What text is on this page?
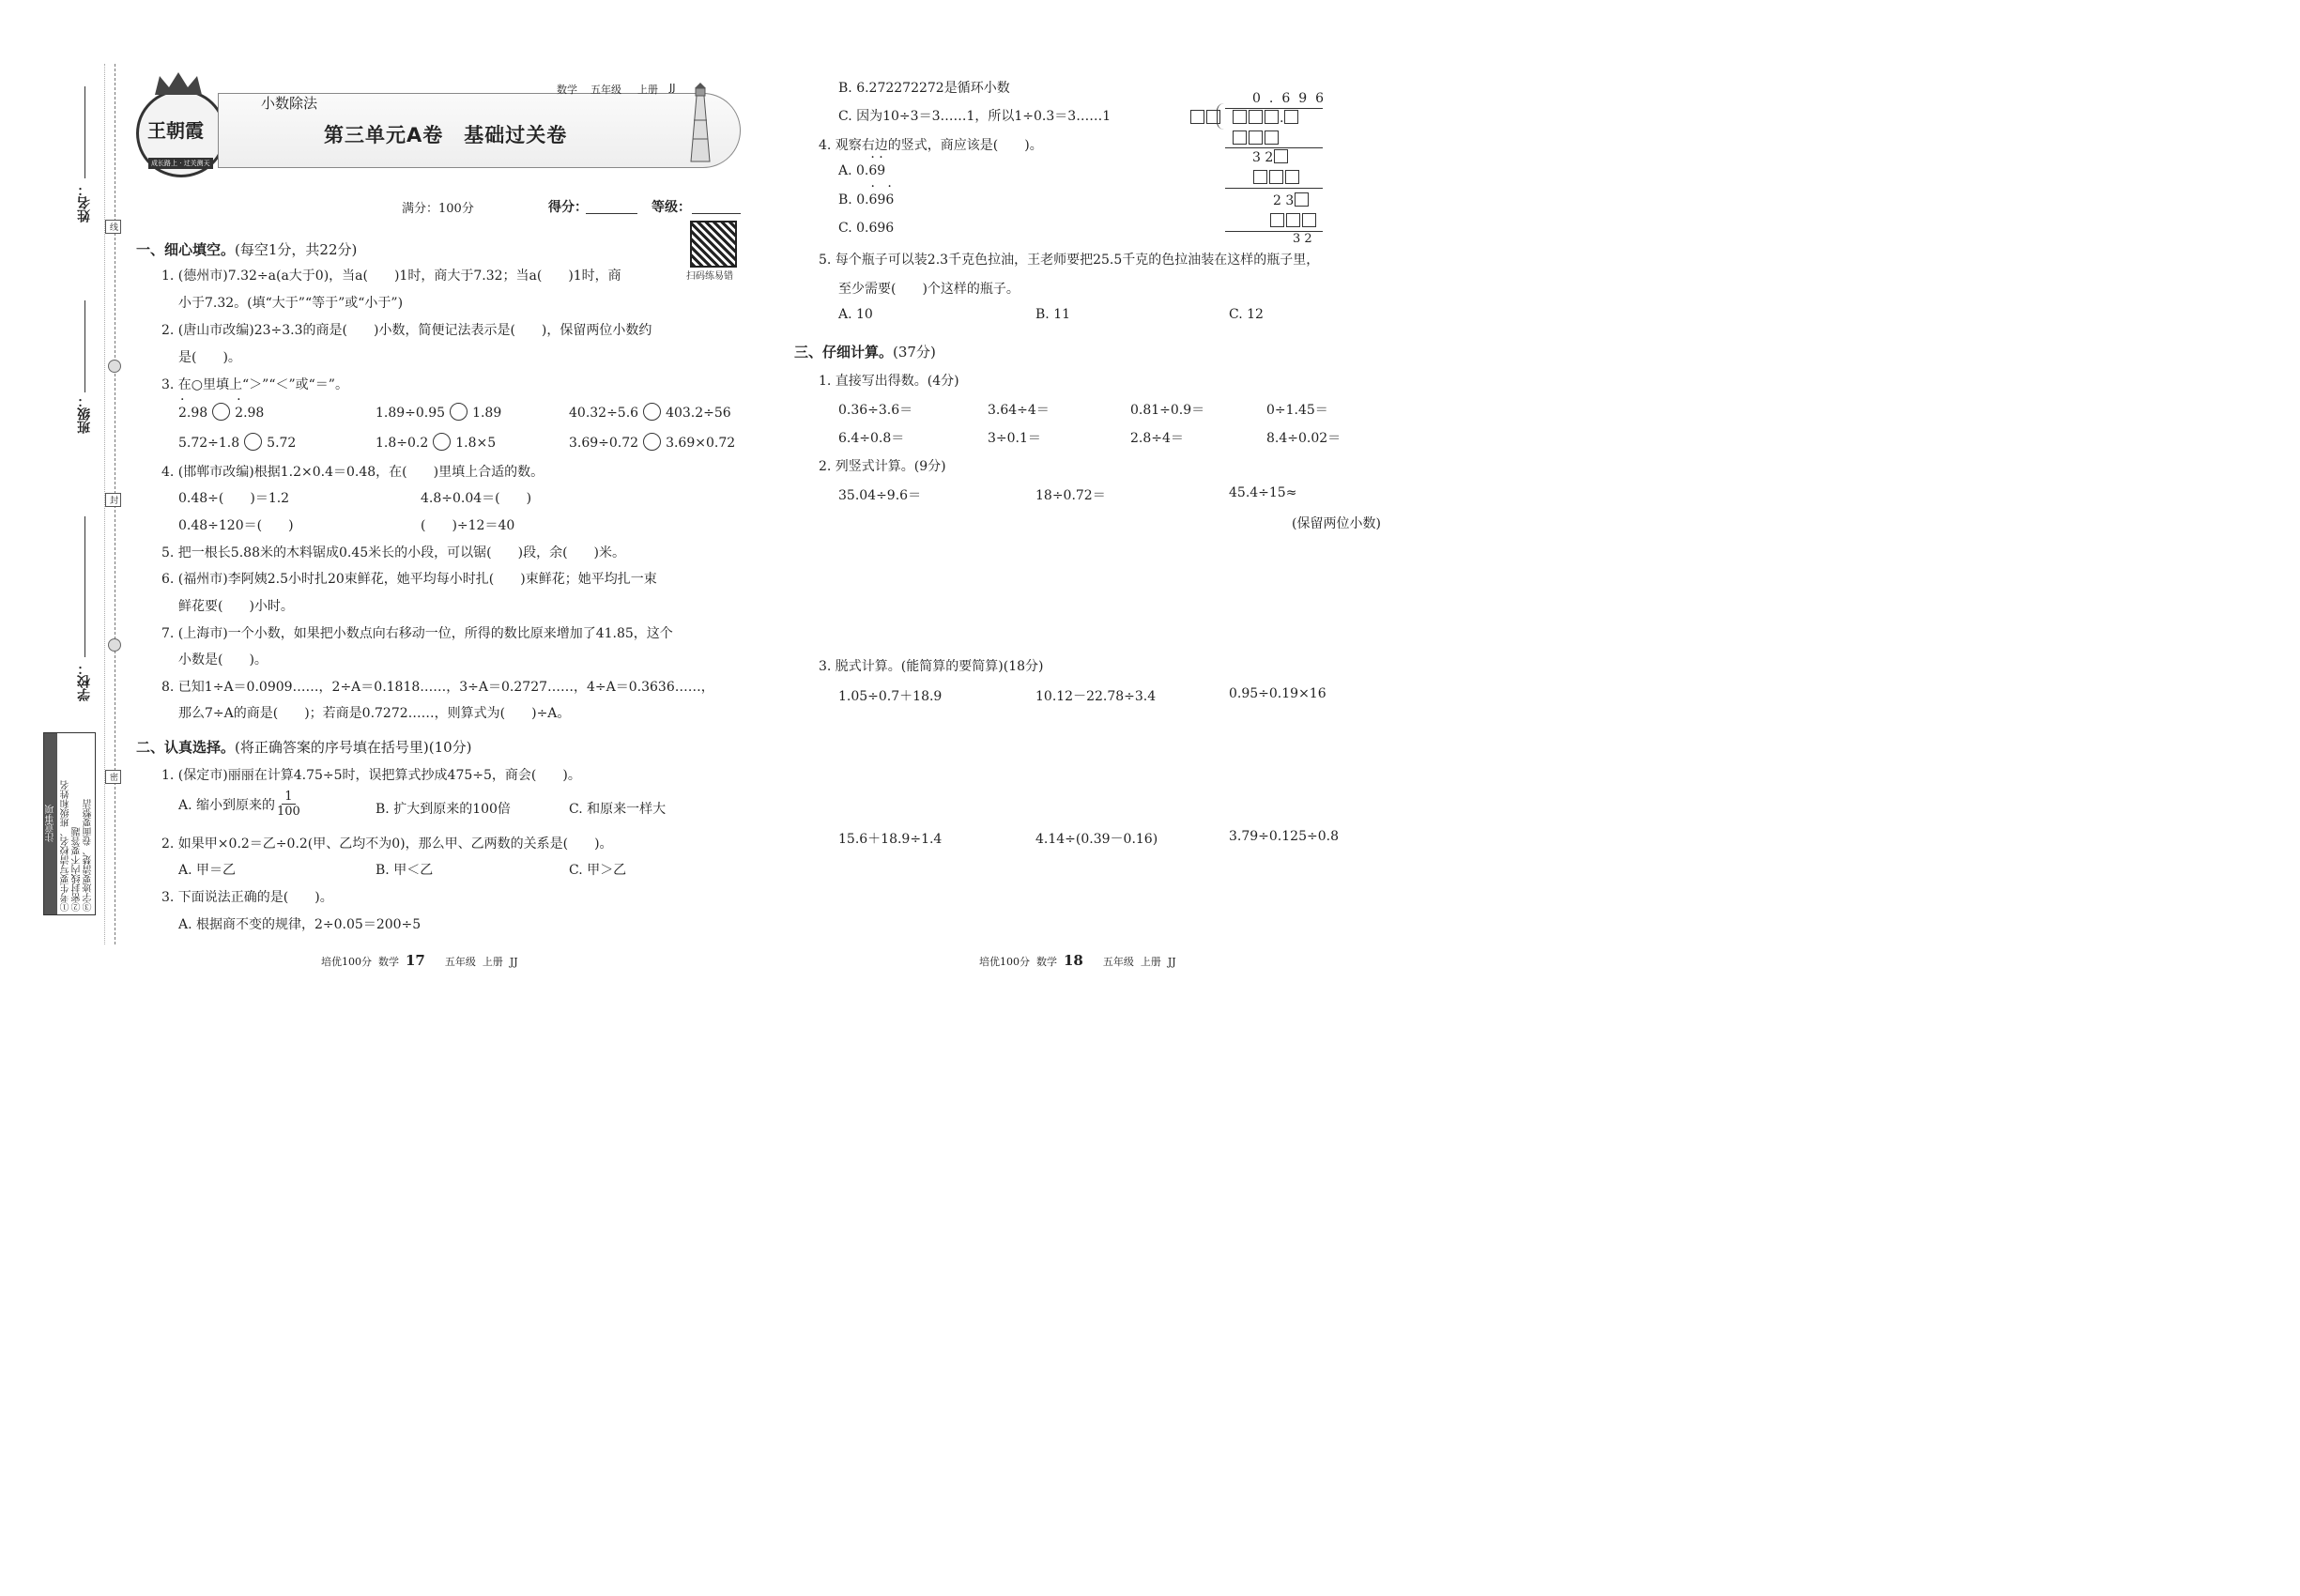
姓名：
班级：
学校：
线
封
密
注意事项 ①考生要写清校名、班级和姓名 ②密封线内不要答题 ③字迹要清楚、卷面要整洁
王朝霞
成长路上 · 过关测天
小数除法
数学 五年级 上册 JJ
第三单元A卷　基础过关卷
满分：100分	得分：	等级：
扫码练易错
一、细心填空。(每空1分，共22分)
1. (德州市)7.32÷a(a大于0)，当a(　　)1时，商大于7.32；当a(　　)1时，商
小于7.32。(填“大于”“等于”或“小于”)
2. (唐山市改编)23÷3.3的商是(　　)小数，简便记法表示是(　　)，保留两位小数约
是(　　)。
3. 在○里填上“＞”“＜”或“＝”。
· 2.98· 2.98	1.89÷0.95 1.89	40.32÷5.6 403.2÷56
5.72÷1.8 5.72	1.8÷0.2 1.8×5	3.69÷0.72 3.69×0.72
4. (邯郸市改编)根据1.2×0.4＝0.48，在(　　)里填上合适的数。
0.48÷(　　)＝1.2	4.8÷0.04＝(　　)
0.48÷120＝(　　)	(　　)÷12＝40
5. 把一根长5.88米的木料锯成0.45米长的小段，可以锯(　　)段，余(　　)米。
6. (福州市)李阿姨2.5小时扎20束鲜花，她平均每小时扎(　　)束鲜花；她平均扎一束
鲜花要(　　)小时。
7. (上海市)一个小数，如果把小数点向右移动一位，所得的数比原来增加了41.85，这个
小数是(　　)。
8. 已知1÷A＝0.0909……，2÷A＝0.1818……，3÷A＝0.2727……，4÷A＝0.3636……，
那么7÷A的商是(　　)；若商是0.7272……，则算式为(　　)÷A。
二、认真选择。(将正确答案的序号填在括号里)(10分)
1. (保定市)丽丽在计算4.75÷5时，误把算式抄成475÷5，商会(　　)。
A. 缩小到原来的 $\frac{1}{100}$	B. 扩大到原来的100倍	C. 和原来一样大
2. 如果甲×0.2＝乙÷0.2(甲、乙均不为0)，那么甲、乙两数的关系是(　　)。
A. 甲＝乙	B. 甲＜乙	C. 甲＞乙
3. 下面说法正确的是(　　)。
A. 根据商不变的规律，2÷0.05＝200÷5
B. 6.272272272是循环小数
C. 因为10÷3＝3……1，所以1÷0.3＝3……1
4. 观察右边的竖式，商应该是(　　)。
A. 0.· 6· 9
B. 0.· 69· 6
C. 0.696
5. 每个瓶子可以装2.3千克色拉油，王老师要把25.5千克的色拉油装在这样的瓶子里，
至少需要(　　)个这样的瓶子。
A. 10	B. 11	C. 12
0.696
.
3 2
2 3
3 2
三、仔细计算。(37分)
1. 直接写出得数。(4分)
0.36÷3.6＝	3.64÷4＝	0.81÷0.9＝	0÷1.45＝
6.4÷0.8＝	3÷0.1＝	2.8÷4＝	8.4÷0.02＝
2. 列竖式计算。(9分)
35.04÷9.6＝	18÷0.72＝	45.4÷15≈
(保留两位小数)
3. 脱式计算。(能简算的要简算)(18分)
1.05÷0.7＋18.9	10.12－22.78÷3.4	0.95÷0.19×16
15.6＋18.9÷1.4	4.14÷(0.39－0.16)	3.79÷0.125÷0.8
培优100分 数学 17 五年级 上册 JJ	培优100分 数学 18 五年级 上册 JJ
